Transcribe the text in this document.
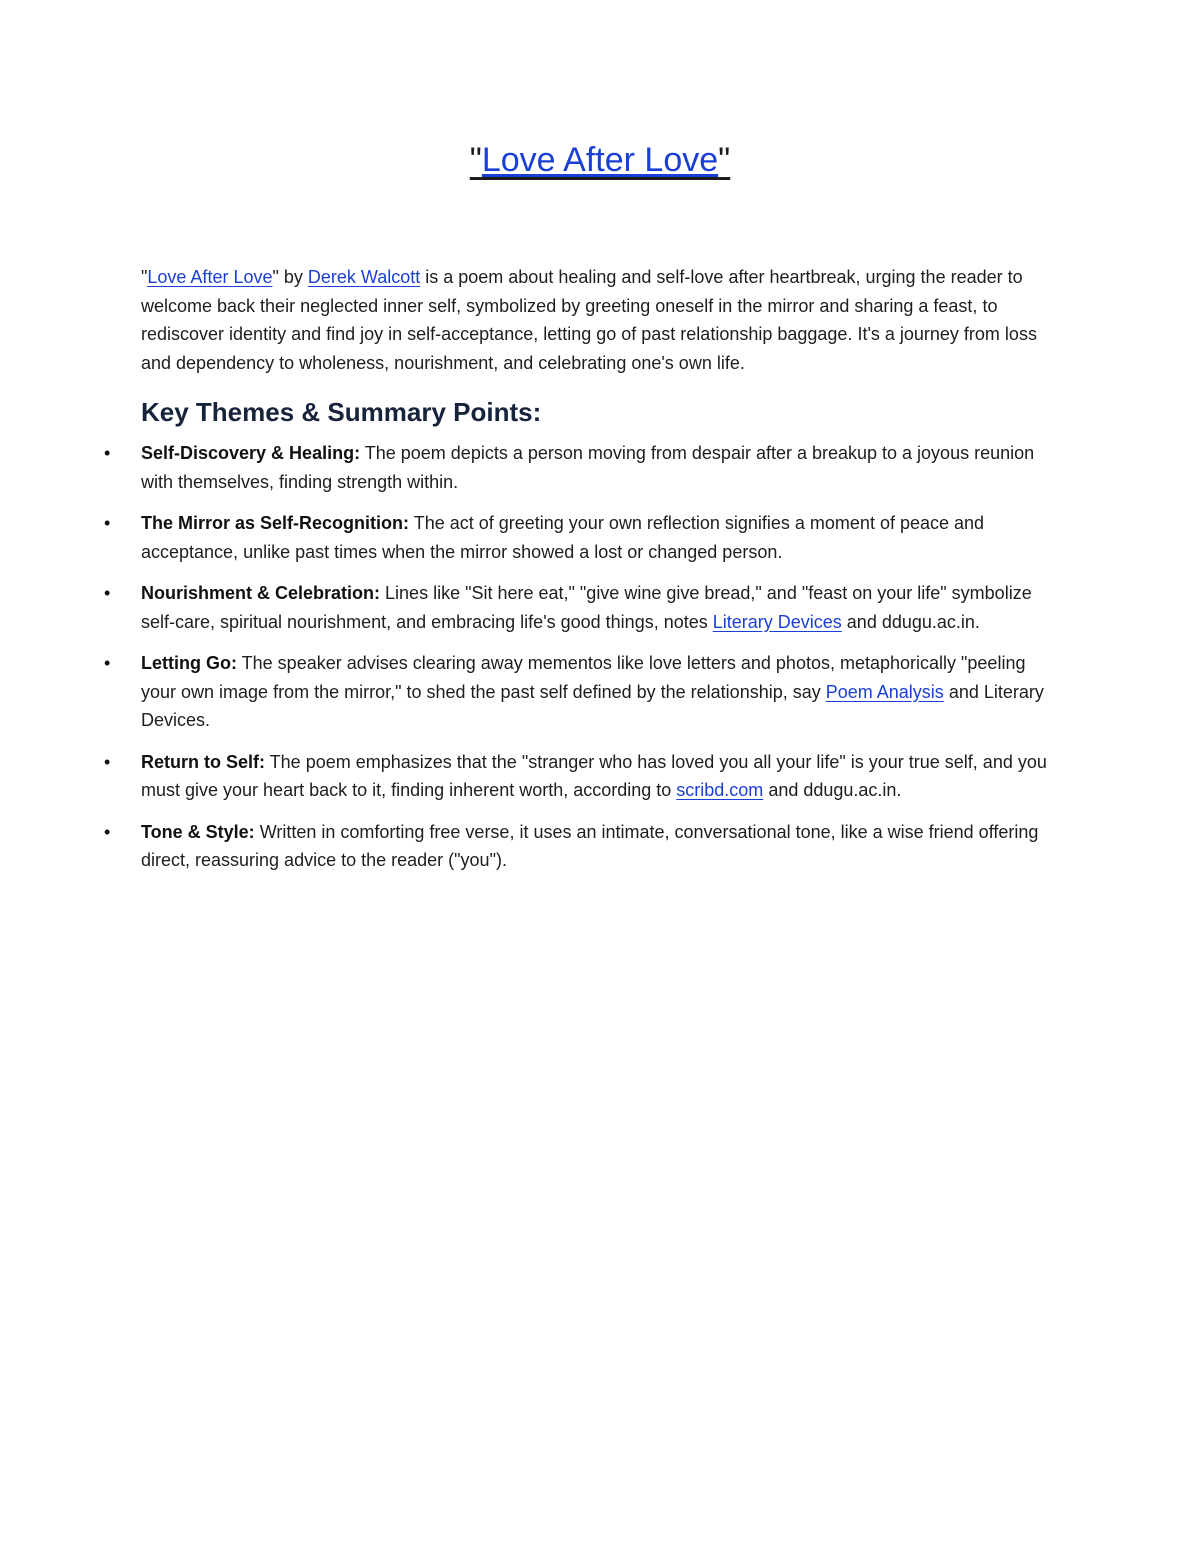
"Love After Love"

"Love After Love" by Derek Walcott is a poem about healing and self-love after heartbreak, urging the reader to welcome back their neglected inner self, symbolized by greeting oneself in the mirror and sharing a feast, to rediscover identity and find joy in self-acceptance, letting go of past relationship baggage. It's a journey from loss and dependency to wholeness, nourishment, and celebrating one's own life.

Key Themes & Summary Points:
• Self-Discovery & Healing: The poem depicts a person moving from despair after a breakup to a joyous reunion with themselves, finding strength within.
• The Mirror as Self-Recognition: The act of greeting your own reflection signifies a moment of peace and acceptance, unlike past times when the mirror showed a lost or changed person.
• Nourishment & Celebration: Lines like "Sit here eat," "give wine give bread," and "feast on your life" symbolize self-care, spiritual nourishment, and embracing life's good things, notes Literary Devices and ddugu.ac.in.
• Letting Go: The speaker advises clearing away mementos like love letters and photos, metaphorically "peeling your own image from the mirror," to shed the past self defined by the relationship, say Poem Analysis and Literary Devices.
• Return to Self: The poem emphasizes that the "stranger who has loved you all your life" is your true self, and you must give your heart back to it, finding inherent worth, according to scribd.com and ddugu.ac.in.
• Tone & Style: Written in comforting free verse, it uses an intimate, conversational tone, like a wise friend offering direct, reassuring advice to the reader ("you").
